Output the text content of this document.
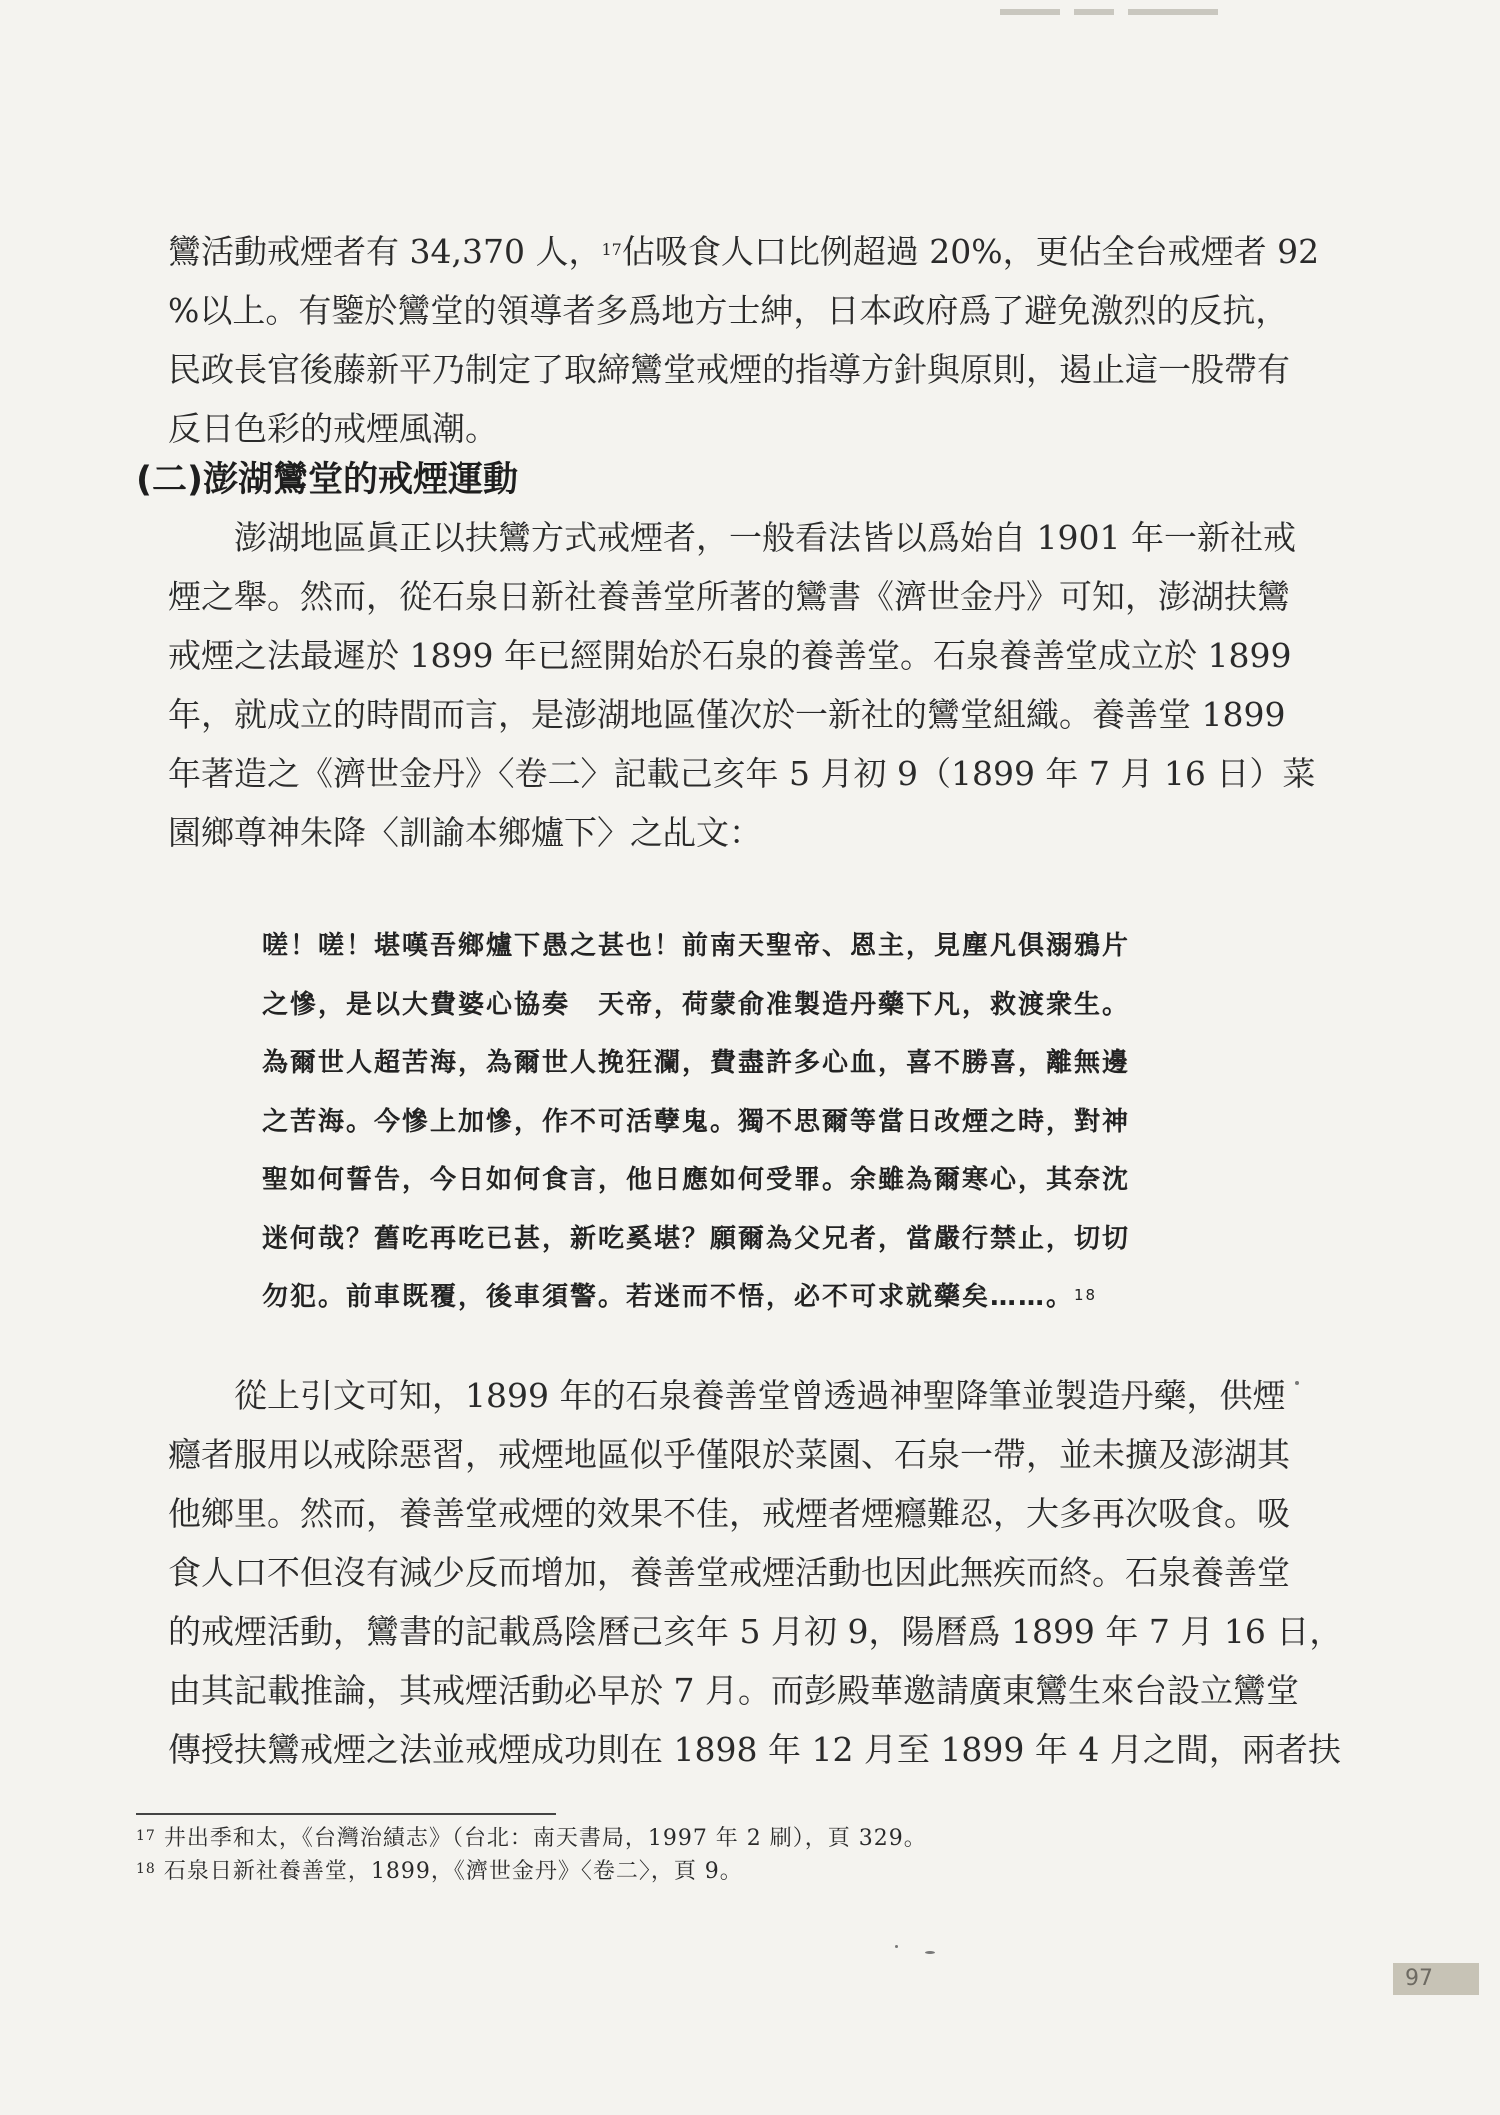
鸞活動戒煙者有 34,370 人，$^{17}$佔吸食人口比例超過 20%，更佔全台戒煙者 92
%以上。有鑒於鸞堂的領導者多爲地方士紳，日本政府爲了避免激烈的反抗，
民政長官後藤新平乃制定了取締鸞堂戒煙的指導方針與原則，遏止這一股帶有
反日色彩的戒煙風潮。
(二)澎湖鸞堂的戒煙運動
澎湖地區眞正以扶鸞方式戒煙者，一般看法皆以爲始自 1901 年一新社戒
煙之舉。然而，從石泉日新社養善堂所著的鸞書《濟世金丹》可知，澎湖扶鸞
戒煙之法最遲於 1899 年已經開始於石泉的養善堂。石泉養善堂成立於 1899
年，就成立的時間而言，是澎湖地區僅次於一新社的鸞堂組織。養善堂 1899
年著造之《濟世金丹》〈卷二〉記載己亥年 5 月初 9（1899 年 7 月 16 日）菜
園鄉尊神朱降〈訓諭本鄉爐下〉之乩文：
嗟！嗟！堪嘆吾鄉爐下愚之甚也！前南天聖帝、恩主，見塵凡俱溺鴉片
之慘，是以大費婆心協奏　天帝，荷蒙俞准製造丹藥下凡，救渡衆生。
為爾世人超苦海，為爾世人挽狂瀾，費盡許多心血，喜不勝喜，離無邊
之苦海。今慘上加慘，作不可活孽鬼。獨不思爾等當日改煙之時，對神
聖如何誓告，今日如何食言，他日應如何受罪。余雖為爾寒心，其奈沈
迷何哉？舊吃再吃已甚，新吃奚堪？願爾為父兄者，當嚴行禁止，切切
勿犯。前車既覆，後車須警。若迷而不悟，必不可求就藥矣……。$^{18}$
從上引文可知，1899 年的石泉養善堂曾透過神聖降筆並製造丹藥，供煙
癮者服用以戒除惡習，戒煙地區似乎僅限於菜園、石泉一帶，並未擴及澎湖其
他鄉里。然而，養善堂戒煙的效果不佳，戒煙者煙癮難忍，大多再次吸食。吸
食人口不但沒有減少反而增加，養善堂戒煙活動也因此無疾而終。石泉養善堂
的戒煙活動，鸞書的記載爲陰曆己亥年 5 月初 9，陽曆爲 1899 年 7 月 16 日，
由其記載推論，其戒煙活動必早於 7 月。而彭殿華邀請廣東鸞生來台設立鸞堂
傳授扶鸞戒煙之法並戒煙成功則在 1898 年 12 月至 1899 年 4 月之間，兩者扶
$^{17}$ 井出季和太，《台灣治績志》（台北：南天書局，1997 年 2 刷），頁 329。
$^{18}$ 石泉日新社養善堂，1899，《濟世金丹》〈卷二〉，頁 9。
97
